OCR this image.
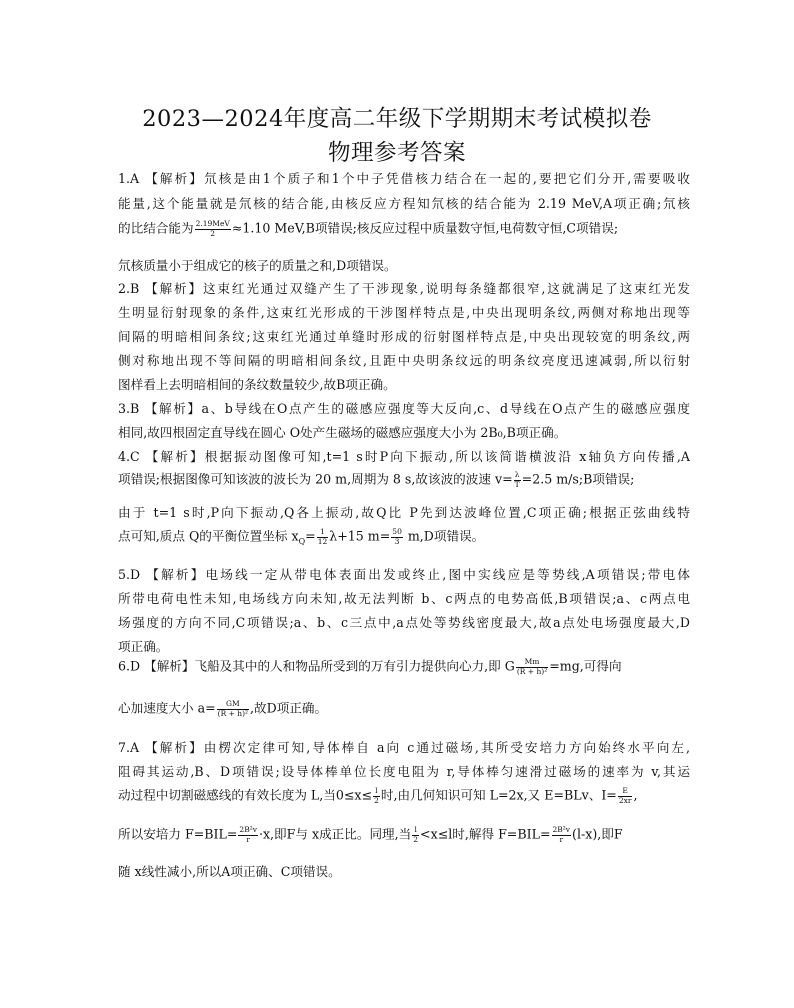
2023—2024年度高二年级下学期期末考试模拟卷
物理参考答案
1.A 【解析】氘核是由1个质子和1个中子凭借核力结合在一起的,要把它们分开,需要吸收
能量,这个能量就是氘核的结合能,由核反应方程知氘核的结合能为 2.19 MeV,A项正确;氘核
的比结合能为 $\frac{\text{2.19MeV}}{2} \approx 1.10$ MeV,B项错误;核反应过程中质量数守恒,电荷数守恒,C项错误;
氘核质量小于组成它的核子的质量之和,D项错误。
2.B 【解析】这束红光通过双缝产生了干涉现象,说明每条缝都很窄,这就满足了这束红光发
生明显衍射现象的条件,这束红光形成的干涉图样特点是,中央出现明条纹,两侧对称地出现等
间隔的明暗相间条纹;这束红光通过单缝时形成的衍射图样特点是,中央出现较宽的明条纹,两
侧对称地出现不等间隔的明暗相间条纹,且距中央明条纹远的明条纹亮度迅速减弱,所以衍射
图样看上去明暗相间的条纹数量较少,故B项正确。
3.B 【解析】a、b导线在O点产生的磁感应强度等大反向,c、d导线在O点产生的磁感应强度
相同,故四根固定直导线在圆心 O处产生磁场的磁感应强度大小为 2B₀,B项正确。
4.C 【解析】根据振动图像可知,t=1 s时P向下振动,所以该简谐横波沿 x轴负方向传播,A
项错误;根据图像可知该波的波长为 20 m,周期为 8 s,故该波的波速 $v= \frac{\lambda}{T} =2.5$ m/s;B项错误;
由于 t=1 s时,P向下振动,Q各上振动,故Q比 P先到达波峰位置,C项正确;根据正弦曲线特
点可知,质点 Q的平衡位置坐标 $x_Q= \frac{1}{12} \lambda+15$ $m= \frac{50}{3} m,D$项错误。
5.D 【解析】电场线一定从带电体表面出发或终止,图中实线应是等势线,A项错误;带电体
所带电荷电性未知,电场线方向未知,故无法判断 b、c两点的电势高低,B项错误;a、c两点电
场强度的方向不同,C项错误;a、b、c三点中,a点处等势线密度最大,故a点处电场强度最大,D
项正确。
6.D 【解析】飞船及其中的人和物品所受到的万有引力提供向心力,即 G $\frac{Mm}{\text{(R + h)²}} =mg$,可得向
心加速度大小 $a= \frac{GM}{\text{(R + h)²}}$ ,故D项正确。
7.A 【解析】由楞次定律可知,导体棒自 a向 c通过磁场,其所受安培力方向始终水平向左,
阻碍其运动,B、D项错误;设导体棒单位长度电阻为 r,导体棒匀速滑过磁场的速率为 v,其运
动过程中切割磁感线的有效长度为 L,当$0\le x\le \frac{l}{2}$ 时,由几何知识可知 L=2x,又 E=BLv、$I= \frac{E}{2xr}$ ,
所以安培力 $F=BIL= \frac{\text{2B²v}}{r} \cdot x$,即F与 x成正比。同理,当 $\frac{l}{2} <x\le l$时,解得 $F=BIL= \frac{\text{2B²v}}{r} (l-x)$,即F
随 x线性减小,所以A项正确、C项错误。
